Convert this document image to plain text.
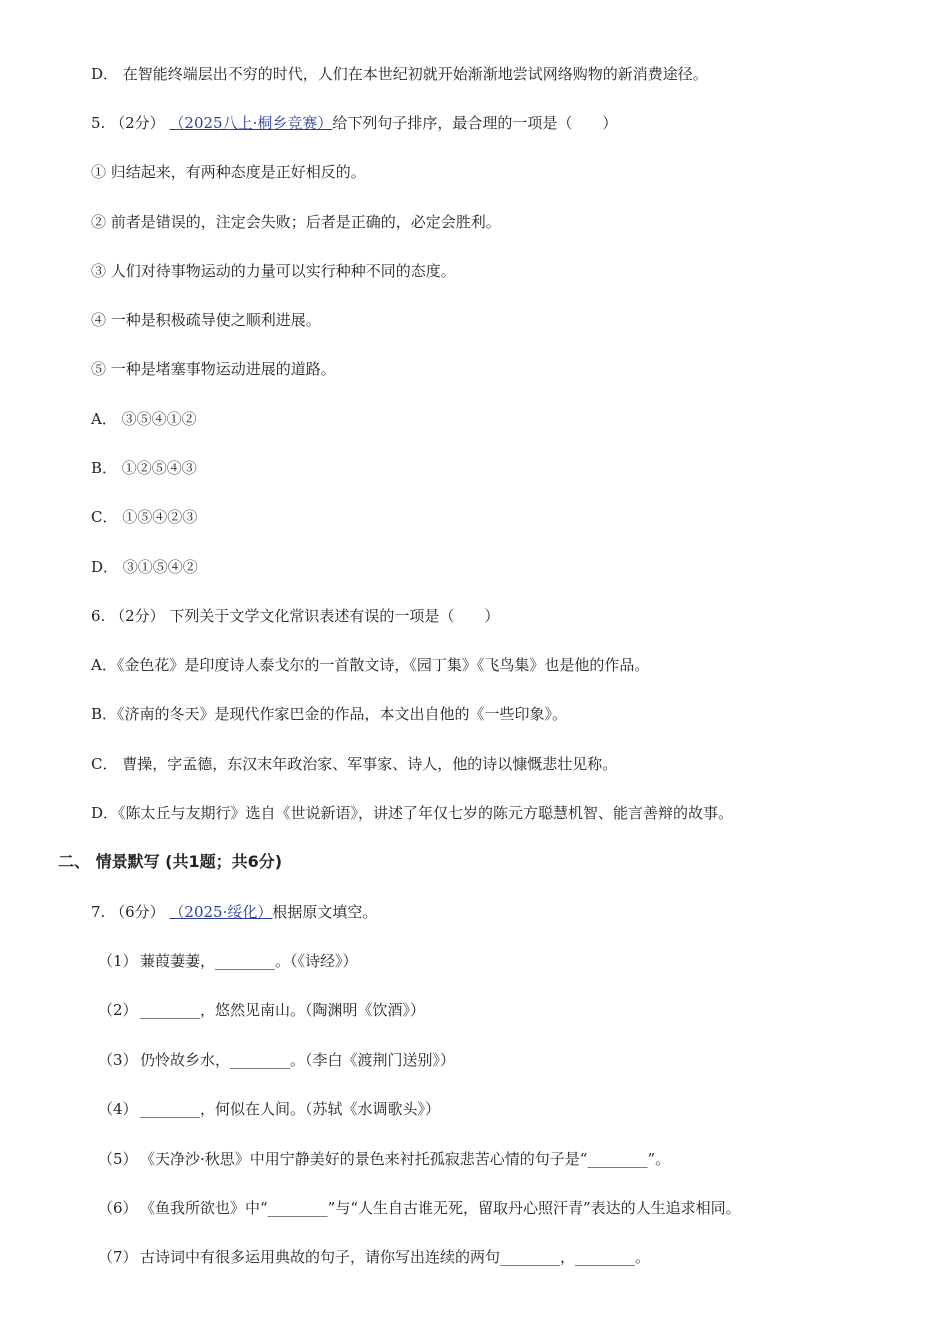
D． 在智能终端层出不穷的时代，人们在本世纪初就开始渐渐地尝试网络购物的新消费途径。
5. （2分） （2025八上·桐乡竞赛）给下列句子排序，最合理的一项是（　　）
① 归结起来，有两种态度是正好相反的。
② 前者是错误的，注定会失败；后者是正确的，必定会胜利。
③ 人们对待事物运动的力量可以实行种种不同的态度。
④ 一种是积极疏导使之顺利进展。
⑤ 一种是堵塞事物运动进展的道路。
A． ③⑤④①②
B． ①②⑤④③
C． ①⑤④②③
D． ③①⑤④②
6. （2分） 下列关于文学文化常识表述有误的一项是（　　）
A．《金色花》是印度诗人泰戈尔的一首散文诗，《园丁集》《飞鸟集》也是他的作品。
B．《济南的冬天》是现代作家巴金的作品，本文出自他的《一些印象》。
C． 曹操，字孟德，东汉末年政治家、军事家、诗人，他的诗以慷慨悲壮见称。
D．《陈太丘与友期行》选自《世说新语》，讲述了年仅七岁的陈元方聪慧机智、能言善辩的故事。
二、 情景默写 (共1题；共6分)
7. （6分） （2025·绥化）根据原文填空。
（1） 蒹葭萋萋，________。（《诗经》）
（2） ________，悠然见南山。（陶渊明《饮酒》）
（3） 仍怜故乡水，________。（李白《渡荆门送别》）
（4） ________，何似在人间。（苏轼《水调歌头》）
（5） 《天净沙·秋思》中用宁静美好的景色来衬托孤寂悲苦心情的句子是“________”。
（6） 《鱼我所欲也》中“________”与“人生自古谁无死，留取丹心照汗青”表达的人生追求相同。
（7） 古诗词中有很多运用典故的句子，请你写出连续的两句________，________。
